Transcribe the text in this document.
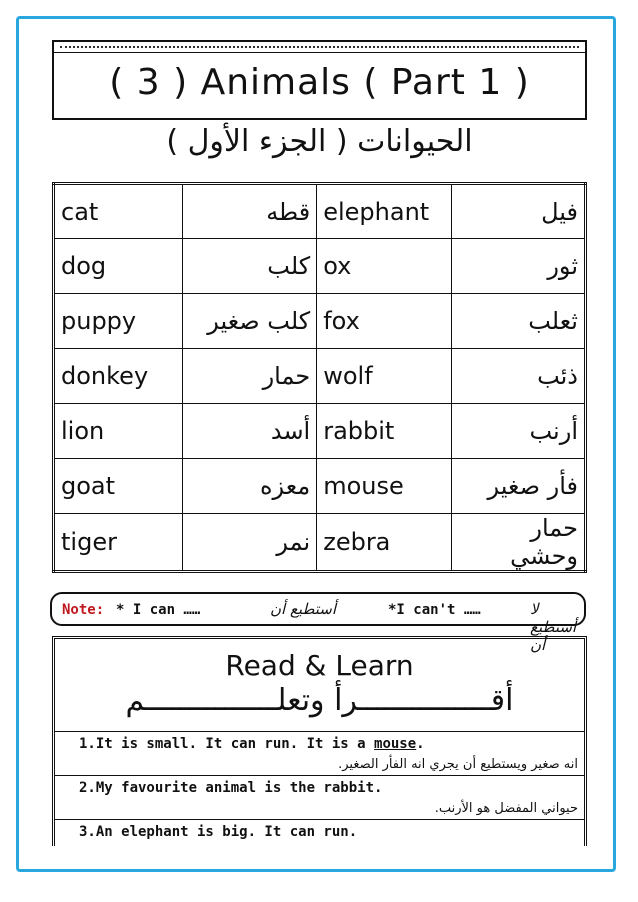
( 3 ) Animals ( Part 1 )
الحيوانات ( الجزء الأول )
cat	قطه	elephant	فيل
dog	كلب	ox	ثور
puppy	كلب صغير	fox	ثعلب
donkey	حمار	wolf	ذئب
lion	أسد	rabbit	أرنب
goat	معزه	mouse	فأر صغير
tiger	نمر	zebra	حمار وحشي
Note: * I can ……	أستطيع أن	*I can't ……	لا أستطيع أن
Read & Learn
أقـــــــــــــــرأ وتعلـــــــــــــــم
1.It is small. It can run. It is a mouse.
انه صغير ويستطيع أن يجري انه الفأر الصغير.
2.My favourite animal is the rabbit.
حيواني المفضل هو الأرنب.
3.An elephant is big. It can run.
